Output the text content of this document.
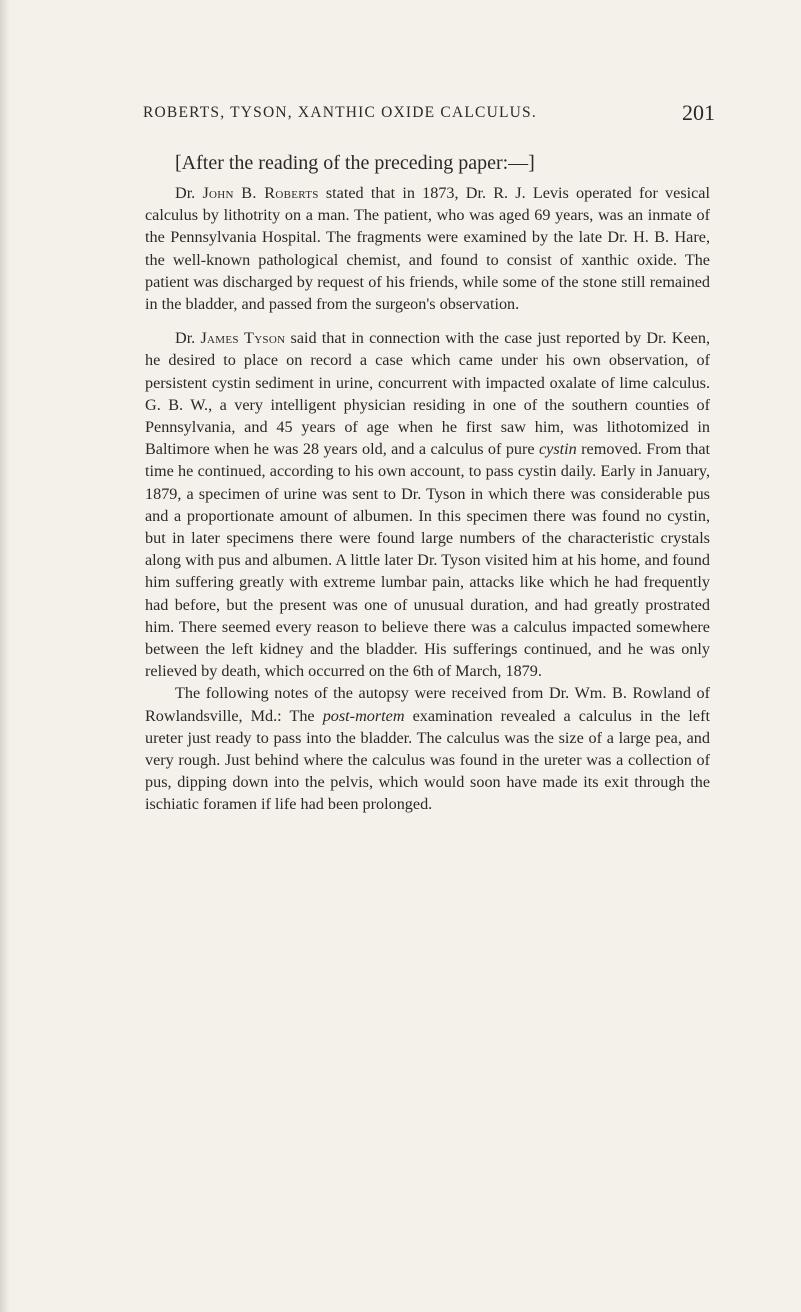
ROBERTS, TYSON, XANTHIC OXIDE CALCULUS.	201
[After the reading of the preceding paper:—]

Dr. John B. Roberts stated that in 1873, Dr. R. J. Levis operated for vesical calculus by lithotrity on a man. The patient, who was aged 69 years, was an inmate of the Pennsylvania Hospital. The fragments were examined by the late Dr. H. B. Hare, the well-known pathological chemist, and found to consist of xanthic oxide. The patient was discharged by request of his friends, while some of the stone still remained in the bladder, and passed from the surgeon's observation.

Dr. James Tyson said that in connection with the case just reported by Dr. Keen, he desired to place on record a case which came under his own observation, of persistent cystin sediment in urine, concurrent with impacted oxalate of lime calculus. G. B. W., a very intelligent physician residing in one of the southern counties of Pennsylvania, and 45 years of age when he first saw him, was lithotomized in Baltimore when he was 28 years old, and a calculus of pure cystin removed. From that time he continued, according to his own account, to pass cystin daily. Early in January, 1879, a specimen of urine was sent to Dr. Tyson in which there was considerable pus and a proportionate amount of albumen. In this specimen there was found no cystin, but in later specimens there were found large numbers of the characteristic crystals along with pus and albumen. A little later Dr. Tyson visited him at his home, and found him suffering greatly with extreme lumbar pain, attacks like which he had frequently had before, but the present was one of unusual duration, and had greatly prostrated him. There seemed every reason to believe there was a calculus impacted somewhere between the left kidney and the bladder. His sufferings continued, and he was only relieved by death, which occurred on the 6th of March, 1879.

The following notes of the autopsy were received from Dr. Wm. B. Rowland of Rowlandsville, Md.: The post-mortem examination revealed a calculus in the left ureter just ready to pass into the bladder. The calculus was the size of a large pea, and very rough. Just behind where the calculus was found in the ureter was a collection of pus, dipping down into the pelvis, which would soon have made its exit through the ischiatic foramen if life had been prolonged.
